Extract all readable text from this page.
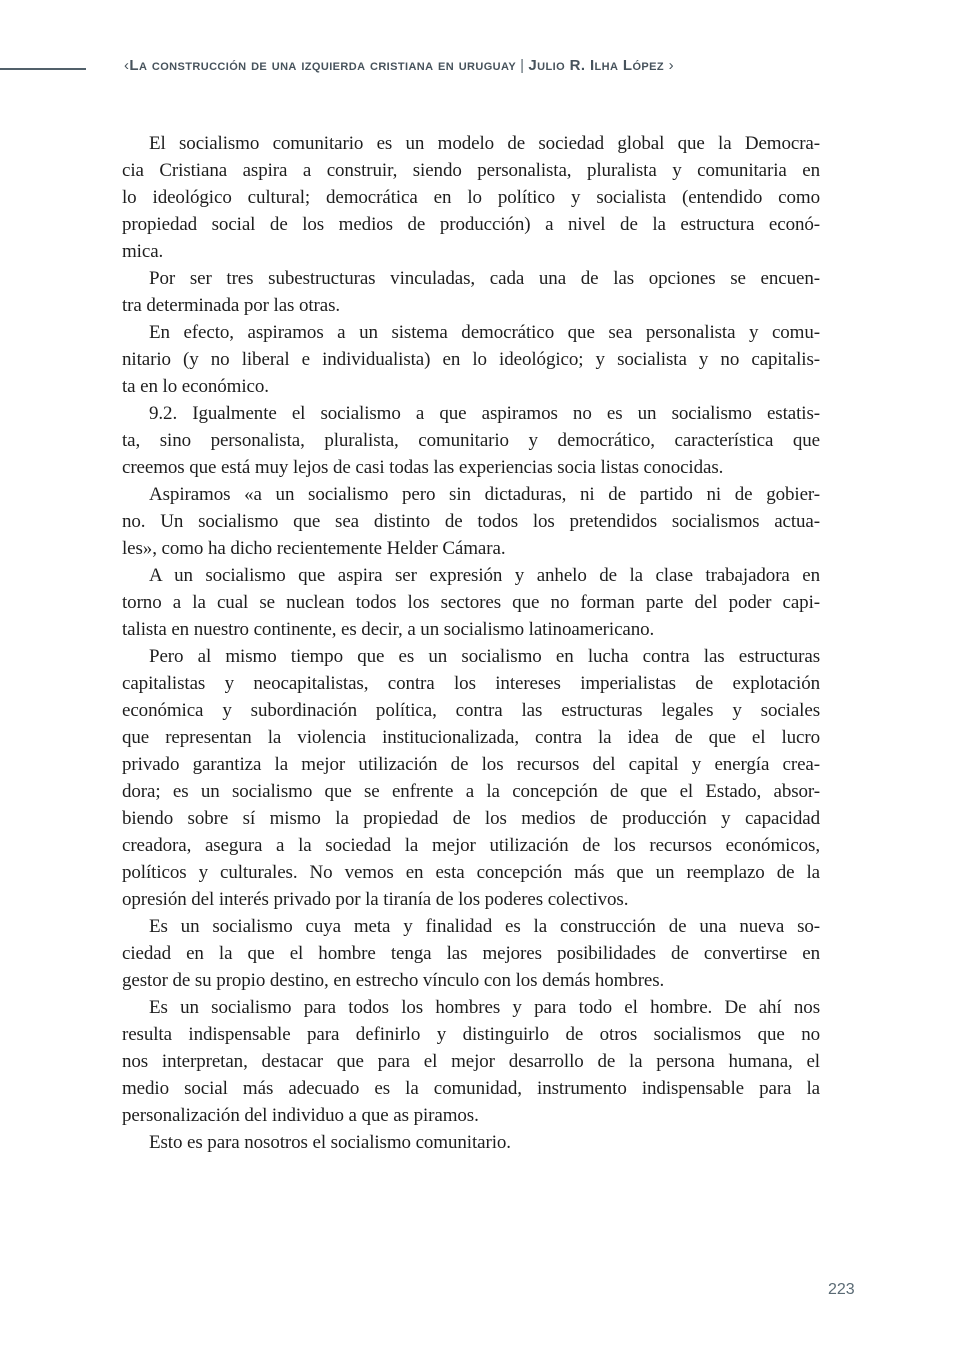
‹La construcción de una izquierda cristiana en uruguay | Julio R. Ilha López ›

El socialismo comunitario es un modelo de sociedad global que la Democra-
cia Cristiana aspira a construir, siendo personalista, pluralista y comunitaria en
lo ideológico cultural; democrática en lo político y socialista (entendido como
propiedad social de los medios de producción) a nivel de la estructura econó-
mica.

Por ser tres subestructuras vinculadas, cada una de las opciones se encuen-
tra determinada por las otras.

En efecto, aspiramos a un sistema democrático que sea personalista y comu-
nitario (y no liberal e individualista) en lo ideológico; y socialista y no capitalis-
ta en lo económico.

9.2. Igualmente el socialismo a que aspiramos no es un socialismo estatis-
ta, sino personalista, pluralista, comunitario y democrático, característica que
creemos que está muy lejos de casi todas las experiencias socia listas conocidas.

Aspiramos «a un socialismo pero sin dictaduras, ni de partido ni de gobier-
no. Un socialismo que sea distinto de todos los pretendidos socialismos actua-
les», como ha dicho recientemente Helder Cámara.

A un socialismo que aspira ser expresión y anhelo de la clase trabajadora en
torno a la cual se nuclean todos los sectores que no forman parte del poder capi-
talista en nuestro continente, es decir, a un socialismo latinoamericano.

Pero al mismo tiempo que es un socialismo en lucha contra las estructuras
capitalistas y neocapitalistas, contra los intereses imperialistas de explotación
económica y subordinación política, contra las estructuras legales y sociales
que representan la violencia institucionalizada, contra la idea de que el lucro
privado garantiza la mejor utilización de los recursos del capital y energía crea-
dora; es un socialismo que se enfrente a la concepción de que el Estado, absor-
biendo sobre sí mismo la propiedad de los medios de producción y capacidad
creadora, asegura a la sociedad la mejor utilización de los recursos económicos,
políticos y culturales. No vemos en esta concepción más que un reemplazo de la
opresión del interés privado por la tiranía de los poderes colectivos.

Es un socialismo cuya meta y finalidad es la construcción de una nueva so-
ciedad en la que el hombre tenga las mejores posibilidades de convertirse en
gestor de su propio destino, en estrecho vínculo con los demás hombres.

Es un socialismo para todos los hombres y para todo el hombre. De ahí nos
resulta indispensable para definirlo y distinguirlo de otros socialismos que no
nos interpretan, destacar que para el mejor desarrollo de la persona humana, el
medio social más adecuado es la comunidad, instrumento indispensable para la
personalización del individuo a que as piramos.

Esto es para nosotros el socialismo comunitario.

223
